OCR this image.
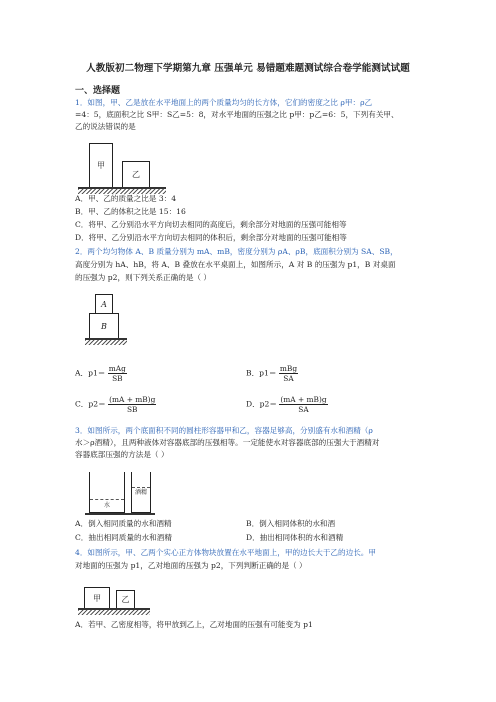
人教版初二物理下学期第九章 压强单元 易错题难题测试综合卷学能测试试题
一、选择题
1．如图，甲、乙是放在水平地面上的两个质量均匀的长方体，它们的密度之比 ρ甲：ρ乙
=4：5，底面积之比 S甲：S乙=5：8，对水平地面的压强之比 p甲：p乙=6：5，下列有关甲、
乙的说法错误的是
甲
乙
A．甲、乙的质量之比是 3：4
B．甲、乙的体积之比是 15：16
C．将甲、乙分别沿水平方向切去相同的高度后，剩余部分对地面的压强可能相等
D．将甲、乙分别沿水平方向切去相同的体积后，剩余部分对地面的压强可能相等
2．两个均匀物体 A、B 质量分别为 mA、mB，密度分别为 ρA、ρB，底面积分别为 SA、SB，
高度分别为 hA、hB，将 A、B 叠放在水平桌面上，如图所示，A 对 B 的压强为 p1，B 对桌面
的压强为 p2，则下列关系正确的是（ ）
A
B
A．$p1= \frac{\text{mAg}}{SB}$	B．$p1= \frac{\text{mBg}}{SA}$
C．$p2= \frac{(mA + mB)g}{SB}$	D．$p2= \frac{(mA + mB)g}{SA}$
3．如图所示，两个底面积不同的圆柱形容器甲和乙，容器足够高，分别盛有水和酒精（ρ
水＞ρ酒精），且两种液体对容器底部的压强相等。一定能使水对容器底部的压强大于酒精对
容器底部压强的方法是（ ）
水
酒精
A．倒入相同质量的水和酒精	B．倒入相同体积的水和酒
C．抽出相同质量的水和酒精	D．抽出相同体积的水和酒精
4．如图所示，甲、乙两个实心正方体物块放置在水平地面上，甲的边长大于乙的边长。甲
对地面的压强为 p1，乙对地面的压强为 p2，下列判断正确的是（ ）
甲	乙
A．若甲、乙密度相等，将甲放到乙上，乙对地面的压强有可能变为 p1
